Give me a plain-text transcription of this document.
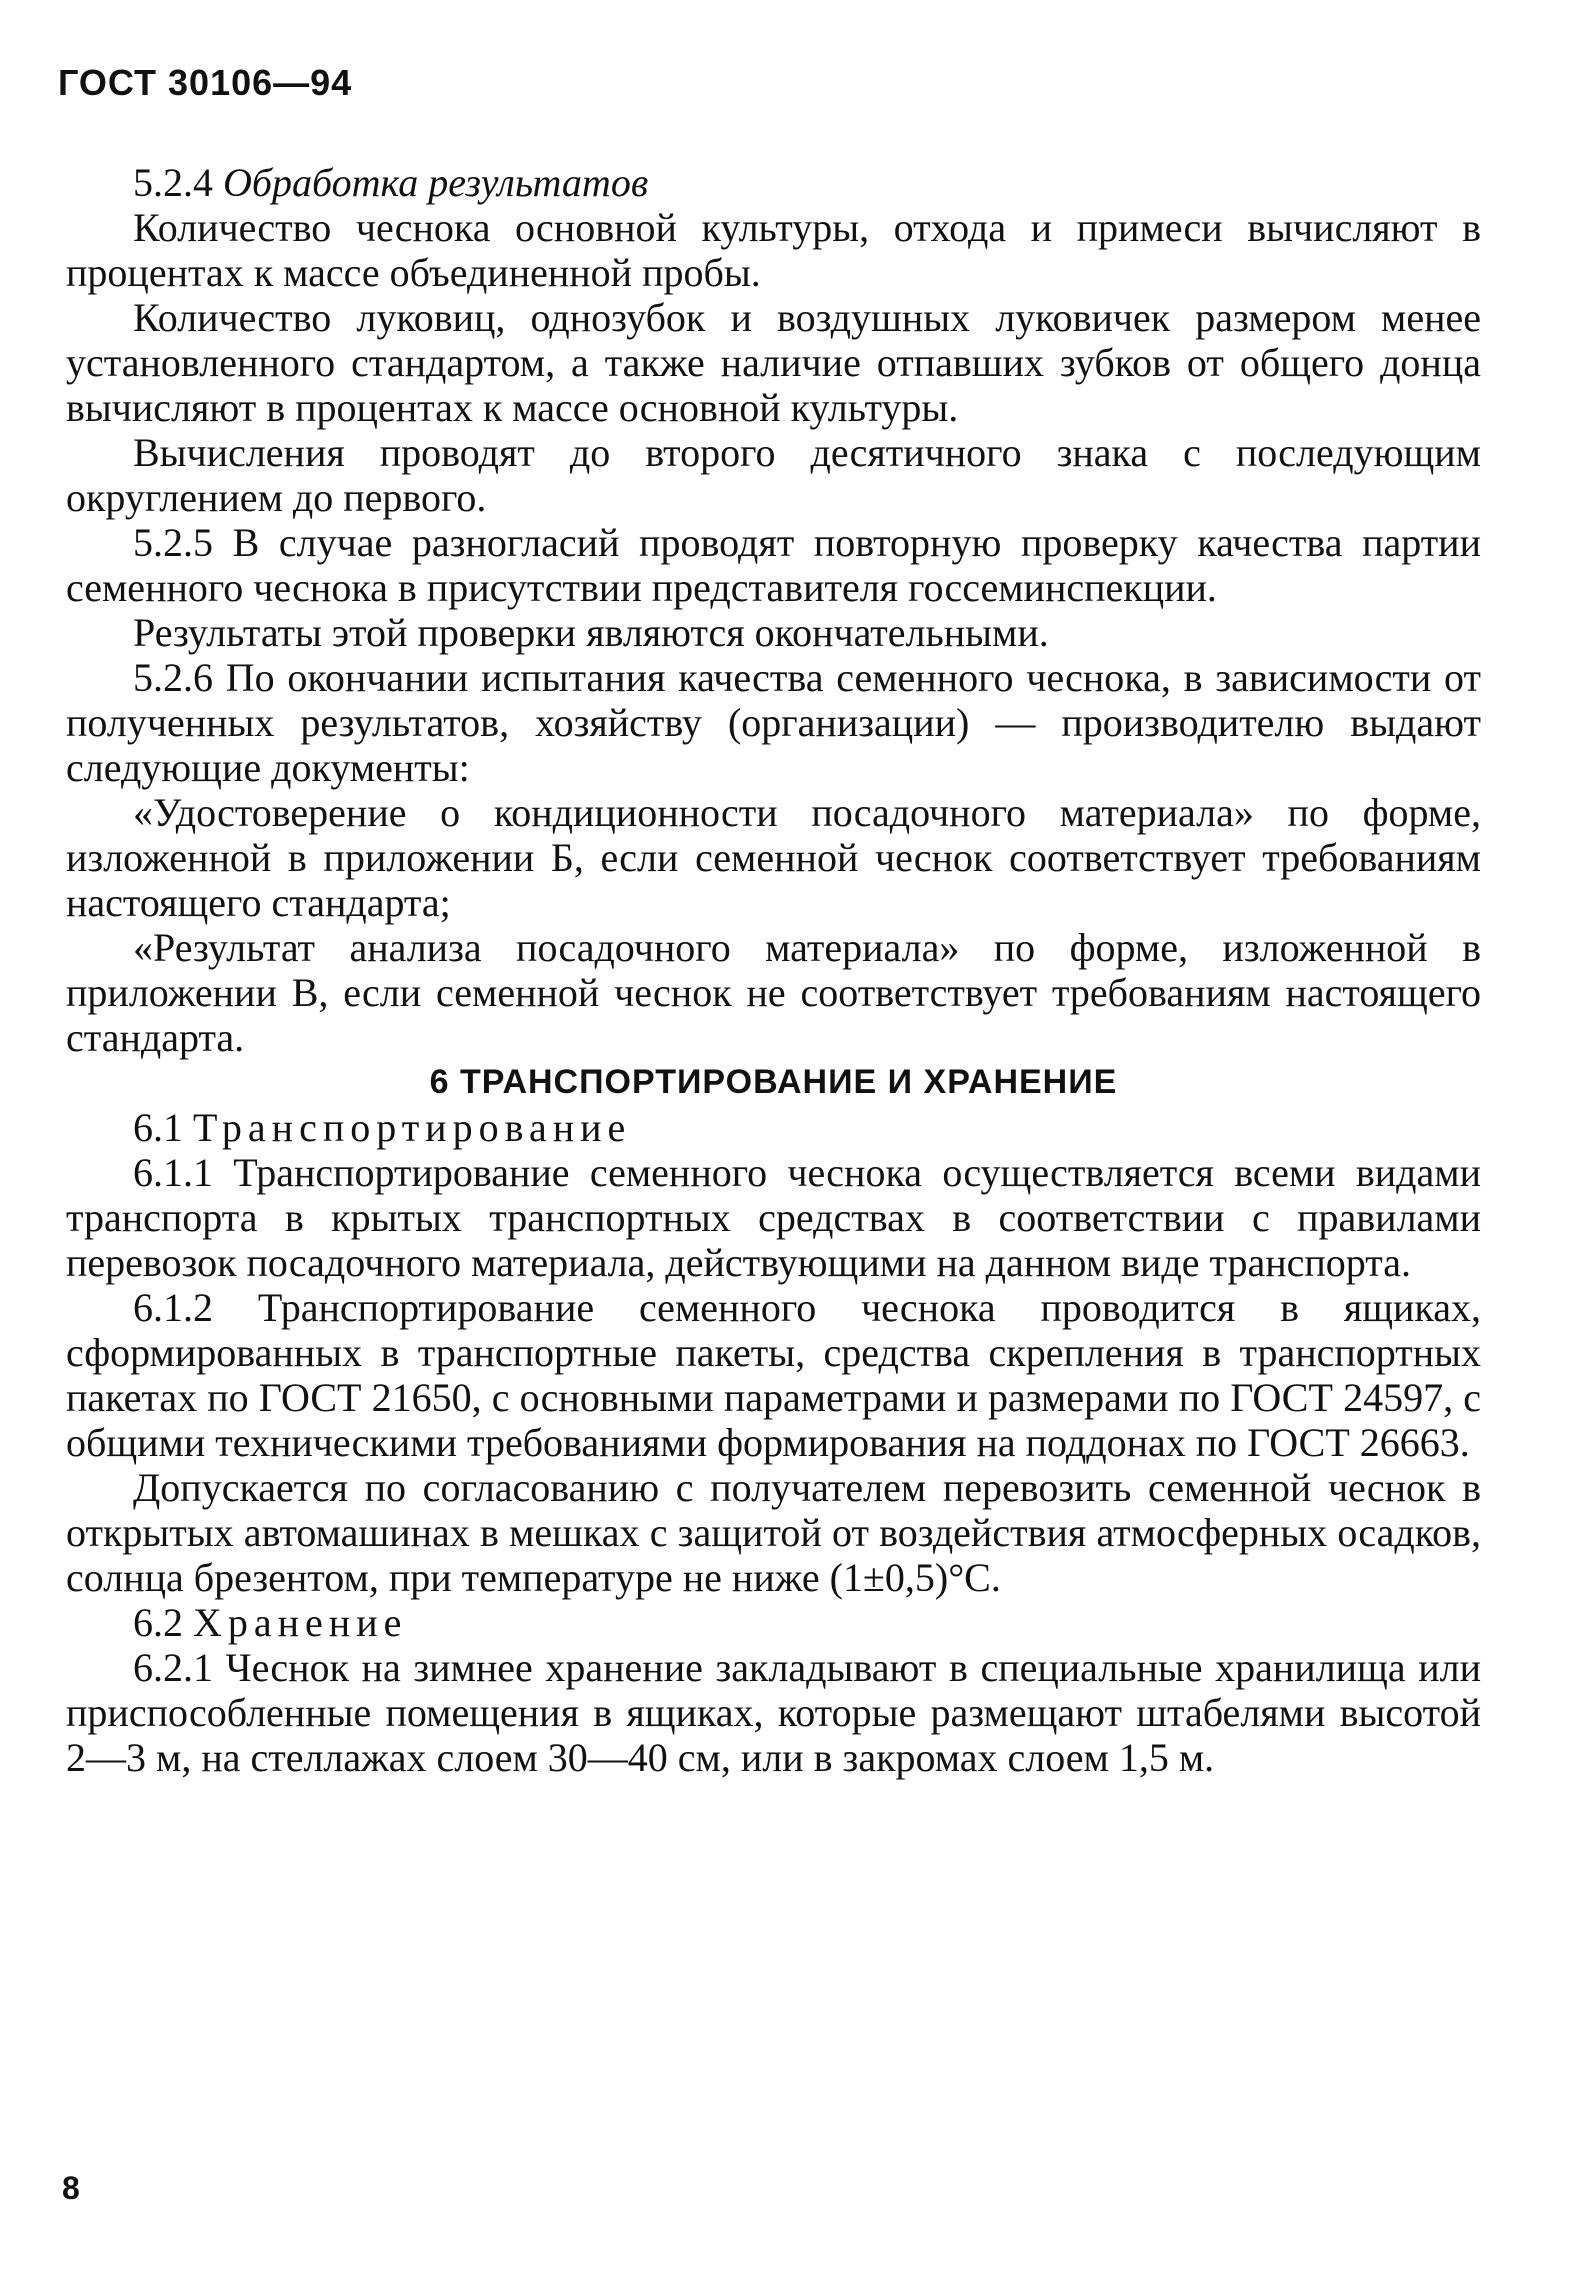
ГОСТ 30106—94

5.2.4 Обработка результатов

Количество чеснока основной культуры, отхода и примеси вычисляют в процентах к массе объединенной пробы.

Количество луковиц, однозубок и воздушных луковичек размером менее установленного стандартом, а также наличие отпавших зубков от общего донца вычисляют в процентах к массе основной культуры.

Вычисления проводят до второго десятичного знака с последующим округлением до первого.

5.2.5 В случае разногласий проводят повторную проверку качества партии семенного чеснока в присутствии представителя госсеминспекции.

Результаты этой проверки являются окончательными.

5.2.6 По окончании испытания качества семенного чеснока, в зависимости от полученных результатов, хозяйству (организации) — производителю выдают следующие документы:

«Удостоверение о кондиционности посадочного материала» по форме, изложенной в приложении Б, если семенной чеснок соответствует требованиям настоящего стандарта;

«Результат анализа посадочного материала» по форме, изложенной в приложении В, если семенной чеснок не соответствует требованиям настоящего стандарта.

6 ТРАНСПОРТИРОВАНИЕ И ХРАНЕНИЕ

6.1 Транспортирование

6.1.1 Транспортирование семенного чеснока осуществляется всеми видами транспорта в крытых транспортных средствах в соответствии с правилами перевозок посадочного материала, действующими на данном виде транспорта.

6.1.2 Транспортирование семенного чеснока проводится в ящиках, сформированных в транспортные пакеты, средства скрепления в транспортных пакетах по ГОСТ 21650, с основными параметрами и размерами по ГОСТ 24597, с общими техническими требованиями формирования на поддонах по ГОСТ 26663.

Допускается по согласованию с получателем перевозить семенной чеснок в открытых автомашинах в мешках с защитой от воздействия атмосферных осадков, солнца брезентом, при температуре не ниже (1±0,5)°С.

6.2 Хранение

6.2.1 Чеснок на зимнее хранение закладывают в специальные хранилища или приспособленные помещения в ящиках, которые размещают штабелями высотой 2—3 м, на стеллажах слоем 30—40 см, или в закромах слоем 1,5 м.

8
